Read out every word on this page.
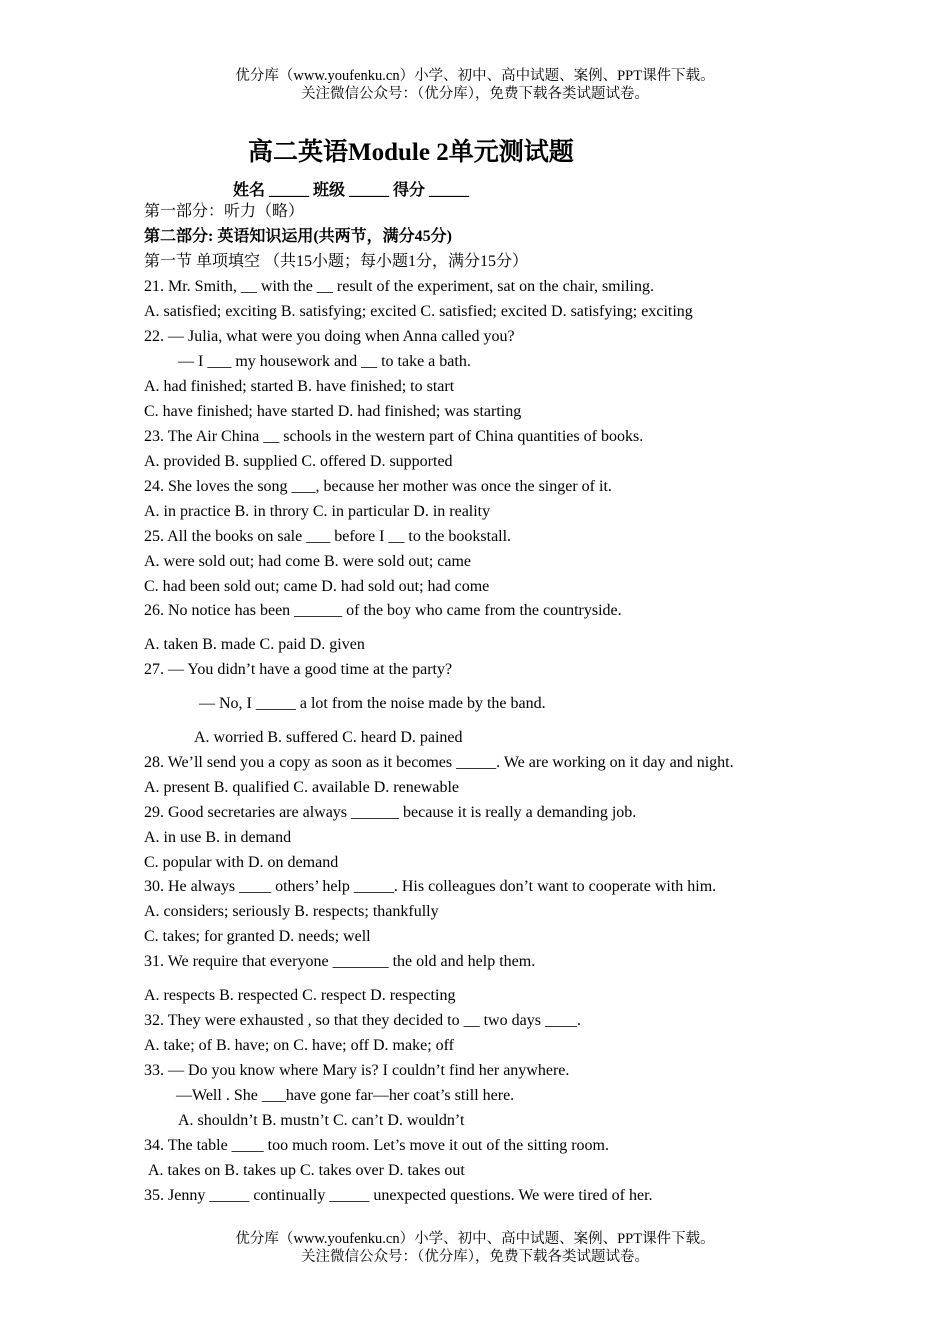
优分库（www.youfenku.cn）小学、初中、高中试题、案例、PPT课件下载。
关注微信公众号：（优分库），免费下载各类试题试卷。
高二英语Module 2单元测试题
姓名 _____ 班级 _____ 得分 _____
第一部分：听力（略）
第二部分: 英语知识运用(共两节，满分45分)
第一节 单项填空 （共15小题；每小题1分，满分15分）
21. Mr. Smith, __ with the __ result of the experiment, sat on the chair, smiling.
A. satisfied; exciting B. satisfying; excited C. satisfied; excited D. satisfying; exciting
22. — Julia, what were you doing when Anna called you?
— I ___ my housework and __ to take a bath.
A. had finished; started B. have finished; to start
C. have finished; have started D. had finished; was starting
23. The Air China __ schools in the western part of China quantities of books.
A. provided B. supplied C. offered D. supported
24. She loves the song ___, because her mother was once the singer of it.
A. in practice B. in throry C. in particular D. in reality
25. All the books on sale ___ before I __ to the bookstall.
A. were sold out; had come B. were sold out; came
C. had been sold out; came D. had sold out; had come
26. No notice has been ______ of the boy who came from the countryside.
A. taken B. made C. paid D. given
27. — You didn’t have a good time at the party?
— No, I _____ a lot from the noise made by the band.
A. worried B. suffered C. heard D. pained
28. We’ll send you a copy as soon as it becomes _____. We are working on it day and night.
A. present B. qualified C. available D. renewable
29. Good secretaries are always ______ because it is really a demanding job.
A. in use B. in demand
C. popular with D. on demand
30. He always ____ others’ help _____. His colleagues don’t want to cooperate with him.
A. considers; seriously B. respects; thankfully
C. takes; for granted D. needs; well
31. We require that everyone _______ the old and help them.
A. respects B. respected C. respect D. respecting
32. They were exhausted , so that they decided to __ two days ____.
A. take; of B. have; on C. have; off D. make; off
33. — Do you know where Mary is? I couldn’t find her anywhere.
—Well . She ___have gone far—her coat’s still here.
A. shouldn’t B. mustn’t C. can’t D. wouldn’t
34. The table ____ too much room. Let’s move it out of the sitting room.
A. takes on B. takes up C. takes over D. takes out
35. Jenny _____ continually _____ unexpected questions. We were tired of her.
优分库（www.youfenku.cn）小学、初中、高中试题、案例、PPT课件下载。
关注微信公众号：（优分库），免费下载各类试题试卷。
